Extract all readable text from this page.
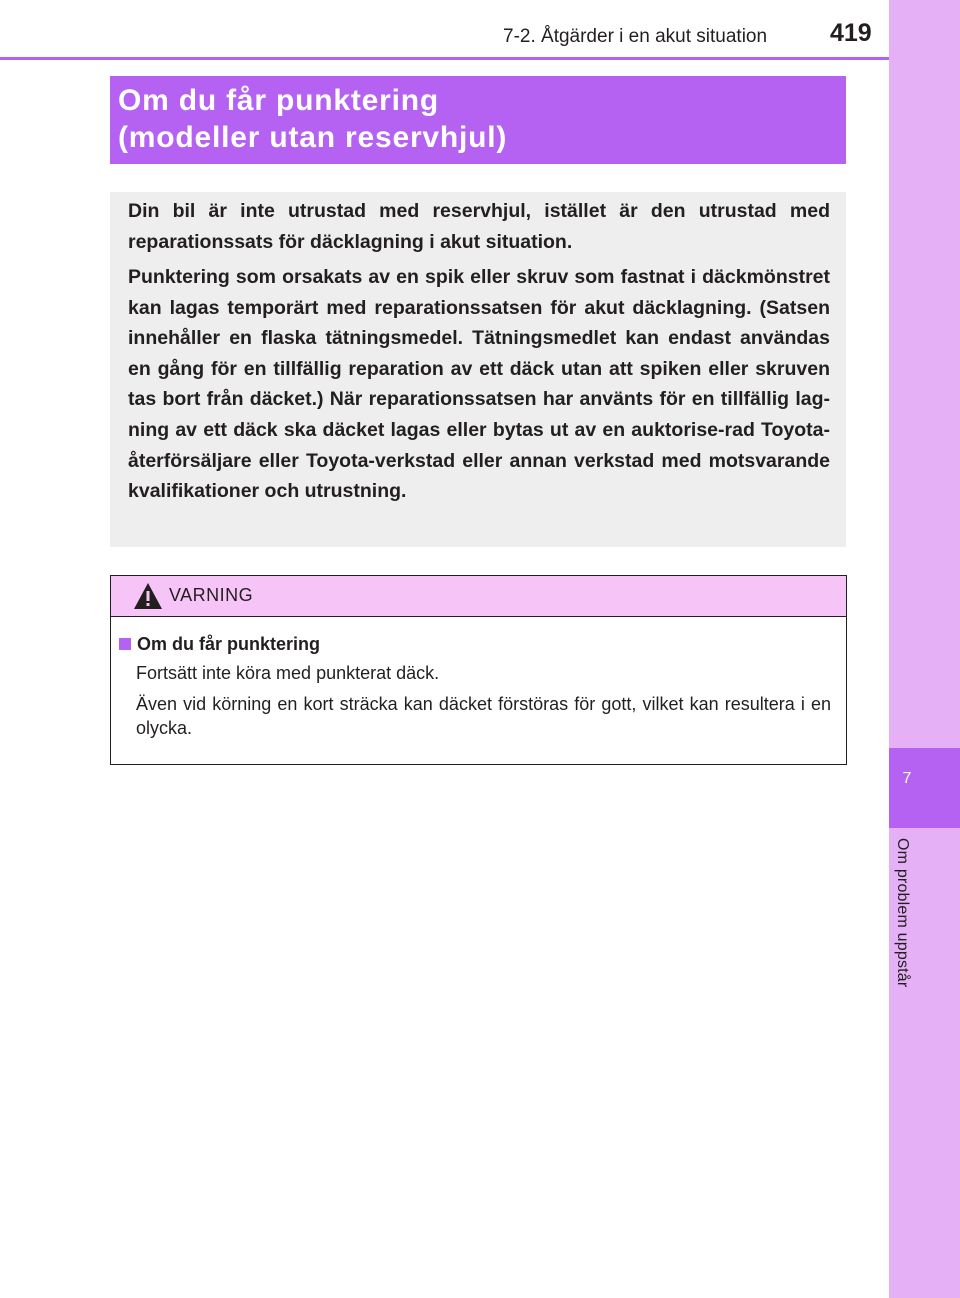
7-2. Åtgärder i en akut situation	419
7
Om problem uppstår
Om du får punktering
(modeller utan reservhjul)

Din bil är inte utrustad med reservhjul, istället är den utrustad med reparationssats för däcklagning i akut situation.

Punktering som orsakats av en spik eller skruv som fastnat i däckmönstret kan lagas temporärt med reparationssatsen för akut däcklagning. (Satsen innehåller en flaska tätningsmedel. Tätningsmedlet kan endast användas en gång för en tillfällig reparation av ett däck utan att spiken eller skruven tas bort från däcket.) När reparationssatsen har använts för en tillfällig lag-ning av ett däck ska däcket lagas eller bytas ut av en auktorise-rad Toyota-återförsäljare eller Toyota-verkstad eller annan verkstad med motsvarande kvalifikationer och utrustning.

VARNING
Om du får punktering

Fortsätt inte köra med punkterat däck.

Även vid körning en kort sträcka kan däcket förstöras för gott, vilket kan resultera i en olycka.
